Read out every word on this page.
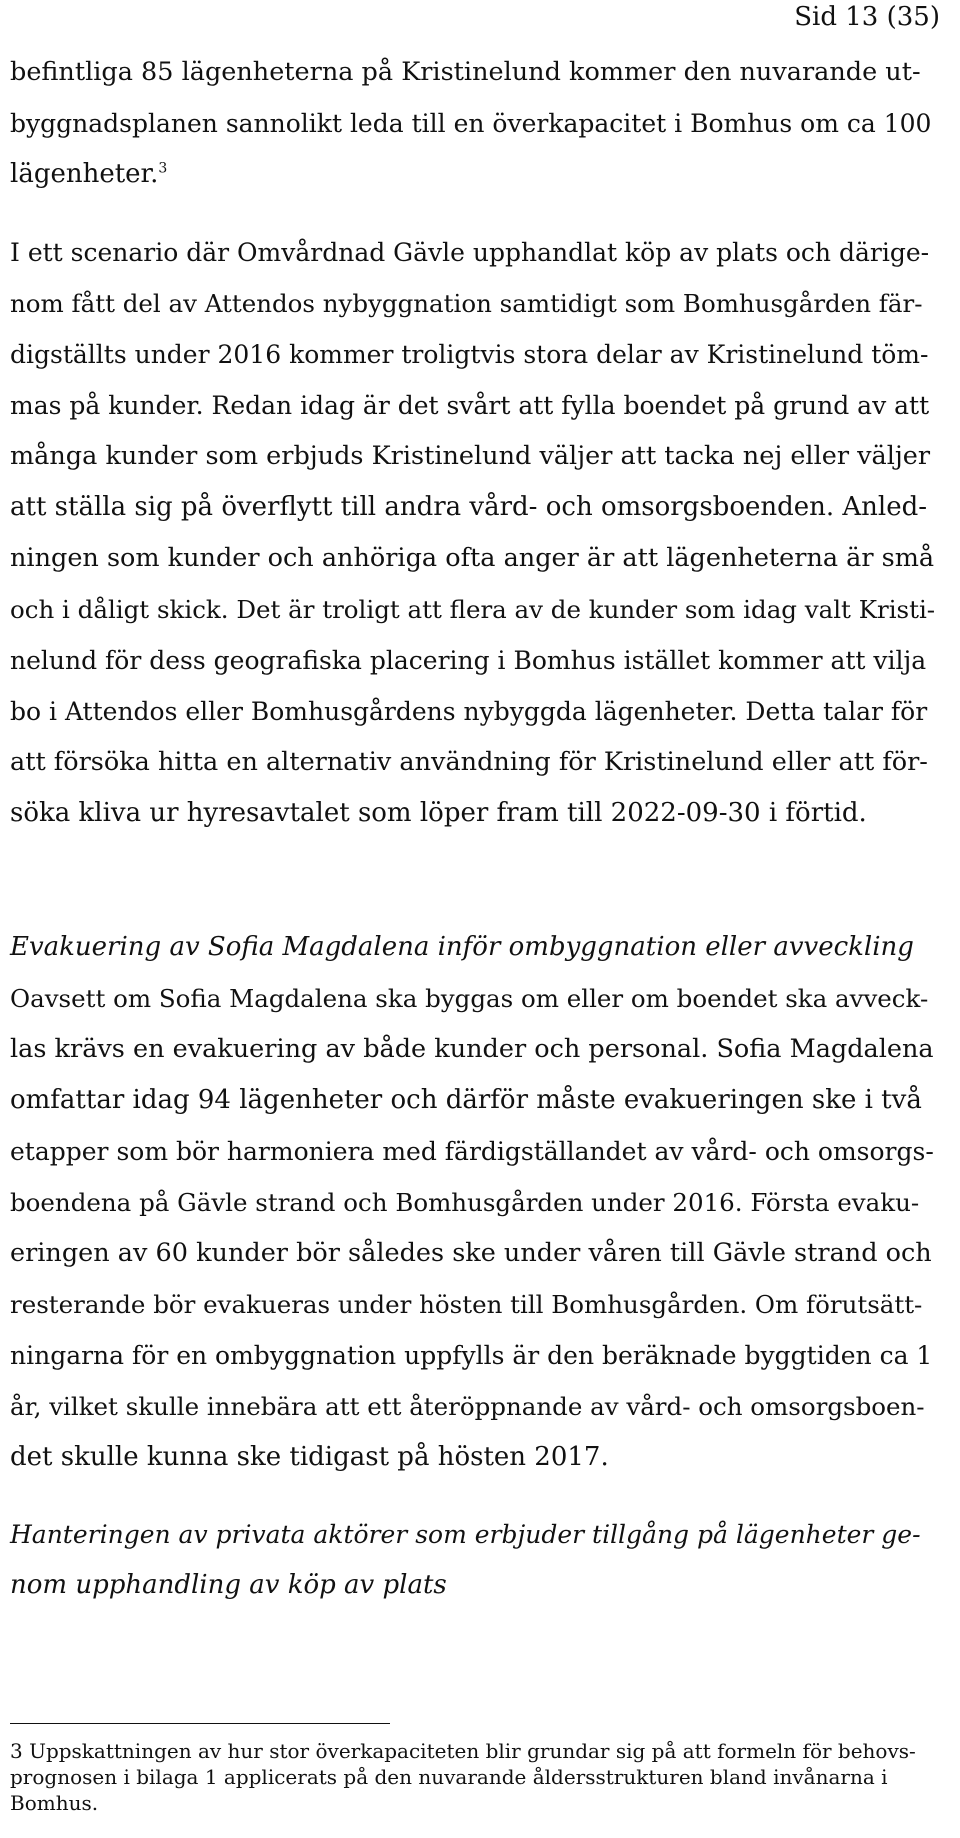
Sid 13 (35)
befintliga 85 lägenheterna på Kristinelund kommer den nuvarande ut-
byggnadsplanen sannolikt leda till en överkapacitet i Bomhus om ca 100
lägenheter.$^3$
I ett scenario där Omvårdnad Gävle upphandlat köp av plats och därige-
nom fått del av Attendos nybyggnation samtidigt som Bomhusgården fär-
digställts under 2016 kommer troligtvis stora delar av Kristinelund töm-
mas på kunder. Redan idag är det svårt att fylla boendet på grund av att
många kunder som erbjuds Kristinelund väljer att tacka nej eller väljer
att ställa sig på överflytt till andra vård- och omsorgsboenden. Anled-
ningen som kunder och anhöriga ofta anger är att lägenheterna är små
och i dåligt skick. Det är troligt att flera av de kunder som idag valt Kristi-
nelund för dess geografiska placering i Bomhus istället kommer att vilja
bo i Attendos eller Bomhusgårdens nybyggda lägenheter. Detta talar för
att försöka hitta en alternativ användning för Kristinelund eller att för-
söka kliva ur hyresavtalet som löper fram till 2022-09-30 i förtid.
Evakuering av Sofia Magdalena inför ombyggnation eller avveckling
Oavsett om Sofia Magdalena ska byggas om eller om boendet ska avveck-
las krävs en evakuering av både kunder och personal. Sofia Magdalena
omfattar idag 94 lägenheter och därför måste evakueringen ske i två
etapper som bör harmoniera med färdigställandet av vård- och omsorgs-
boendena på Gävle strand och Bomhusgården under 2016. Första evaku-
eringen av 60 kunder bör således ske under våren till Gävle strand och
resterande bör evakueras under hösten till Bomhusgården. Om förutsätt-
ningarna för en ombyggnation uppfylls är den beräknade byggtiden ca 1
år, vilket skulle innebära att ett återöppnande av vård- och omsorgsboen-
det skulle kunna ske tidigast på hösten 2017.
Hanteringen av privata aktörer som erbjuder tillgång på lägenheter ge-
nom upphandling av köp av plats
3 Uppskattningen av hur stor överkapaciteten blir grundar sig på att formeln för behovs-
prognosen i bilaga 1 applicerats på den nuvarande åldersstrukturen bland invånarna i
Bomhus.
